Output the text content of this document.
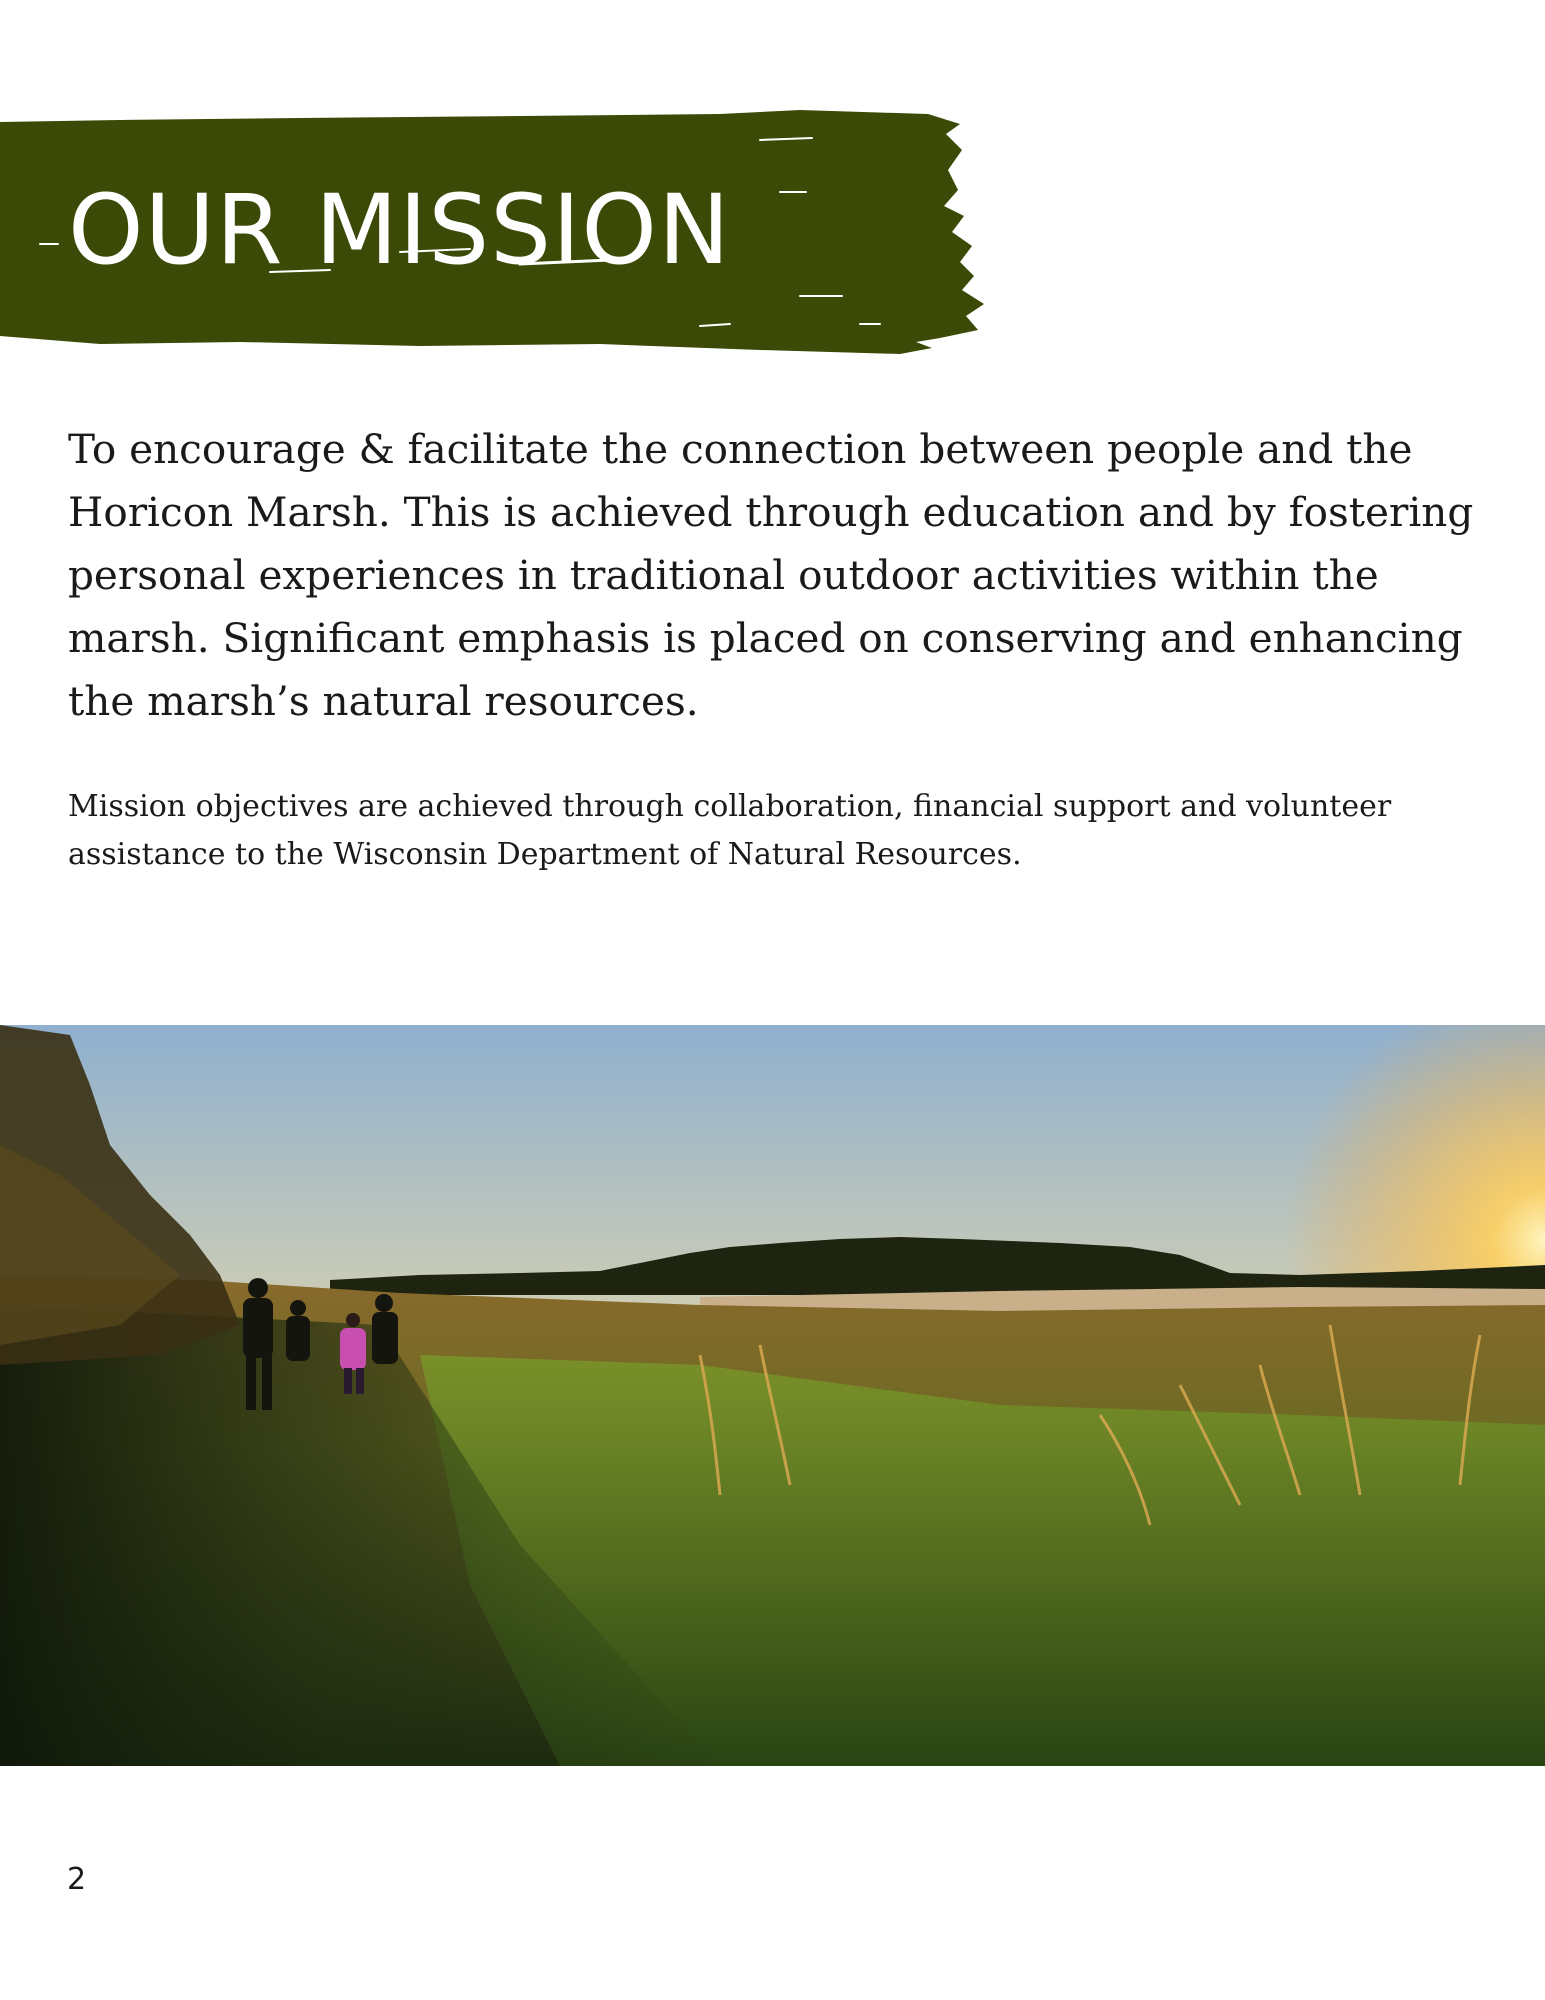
OUR MISSION

To encourage & facilitate the connection between people and the Horicon Marsh. This is achieved through education and by fostering personal experiences in traditional outdoor activities within the marsh. Significant emphasis is placed on conserving and enhancing the marsh’s natural resources.

Mission objectives are achieved through collaboration, financial support and volunteer assistance to the Wisconsin Department of Natural Resources.

2
